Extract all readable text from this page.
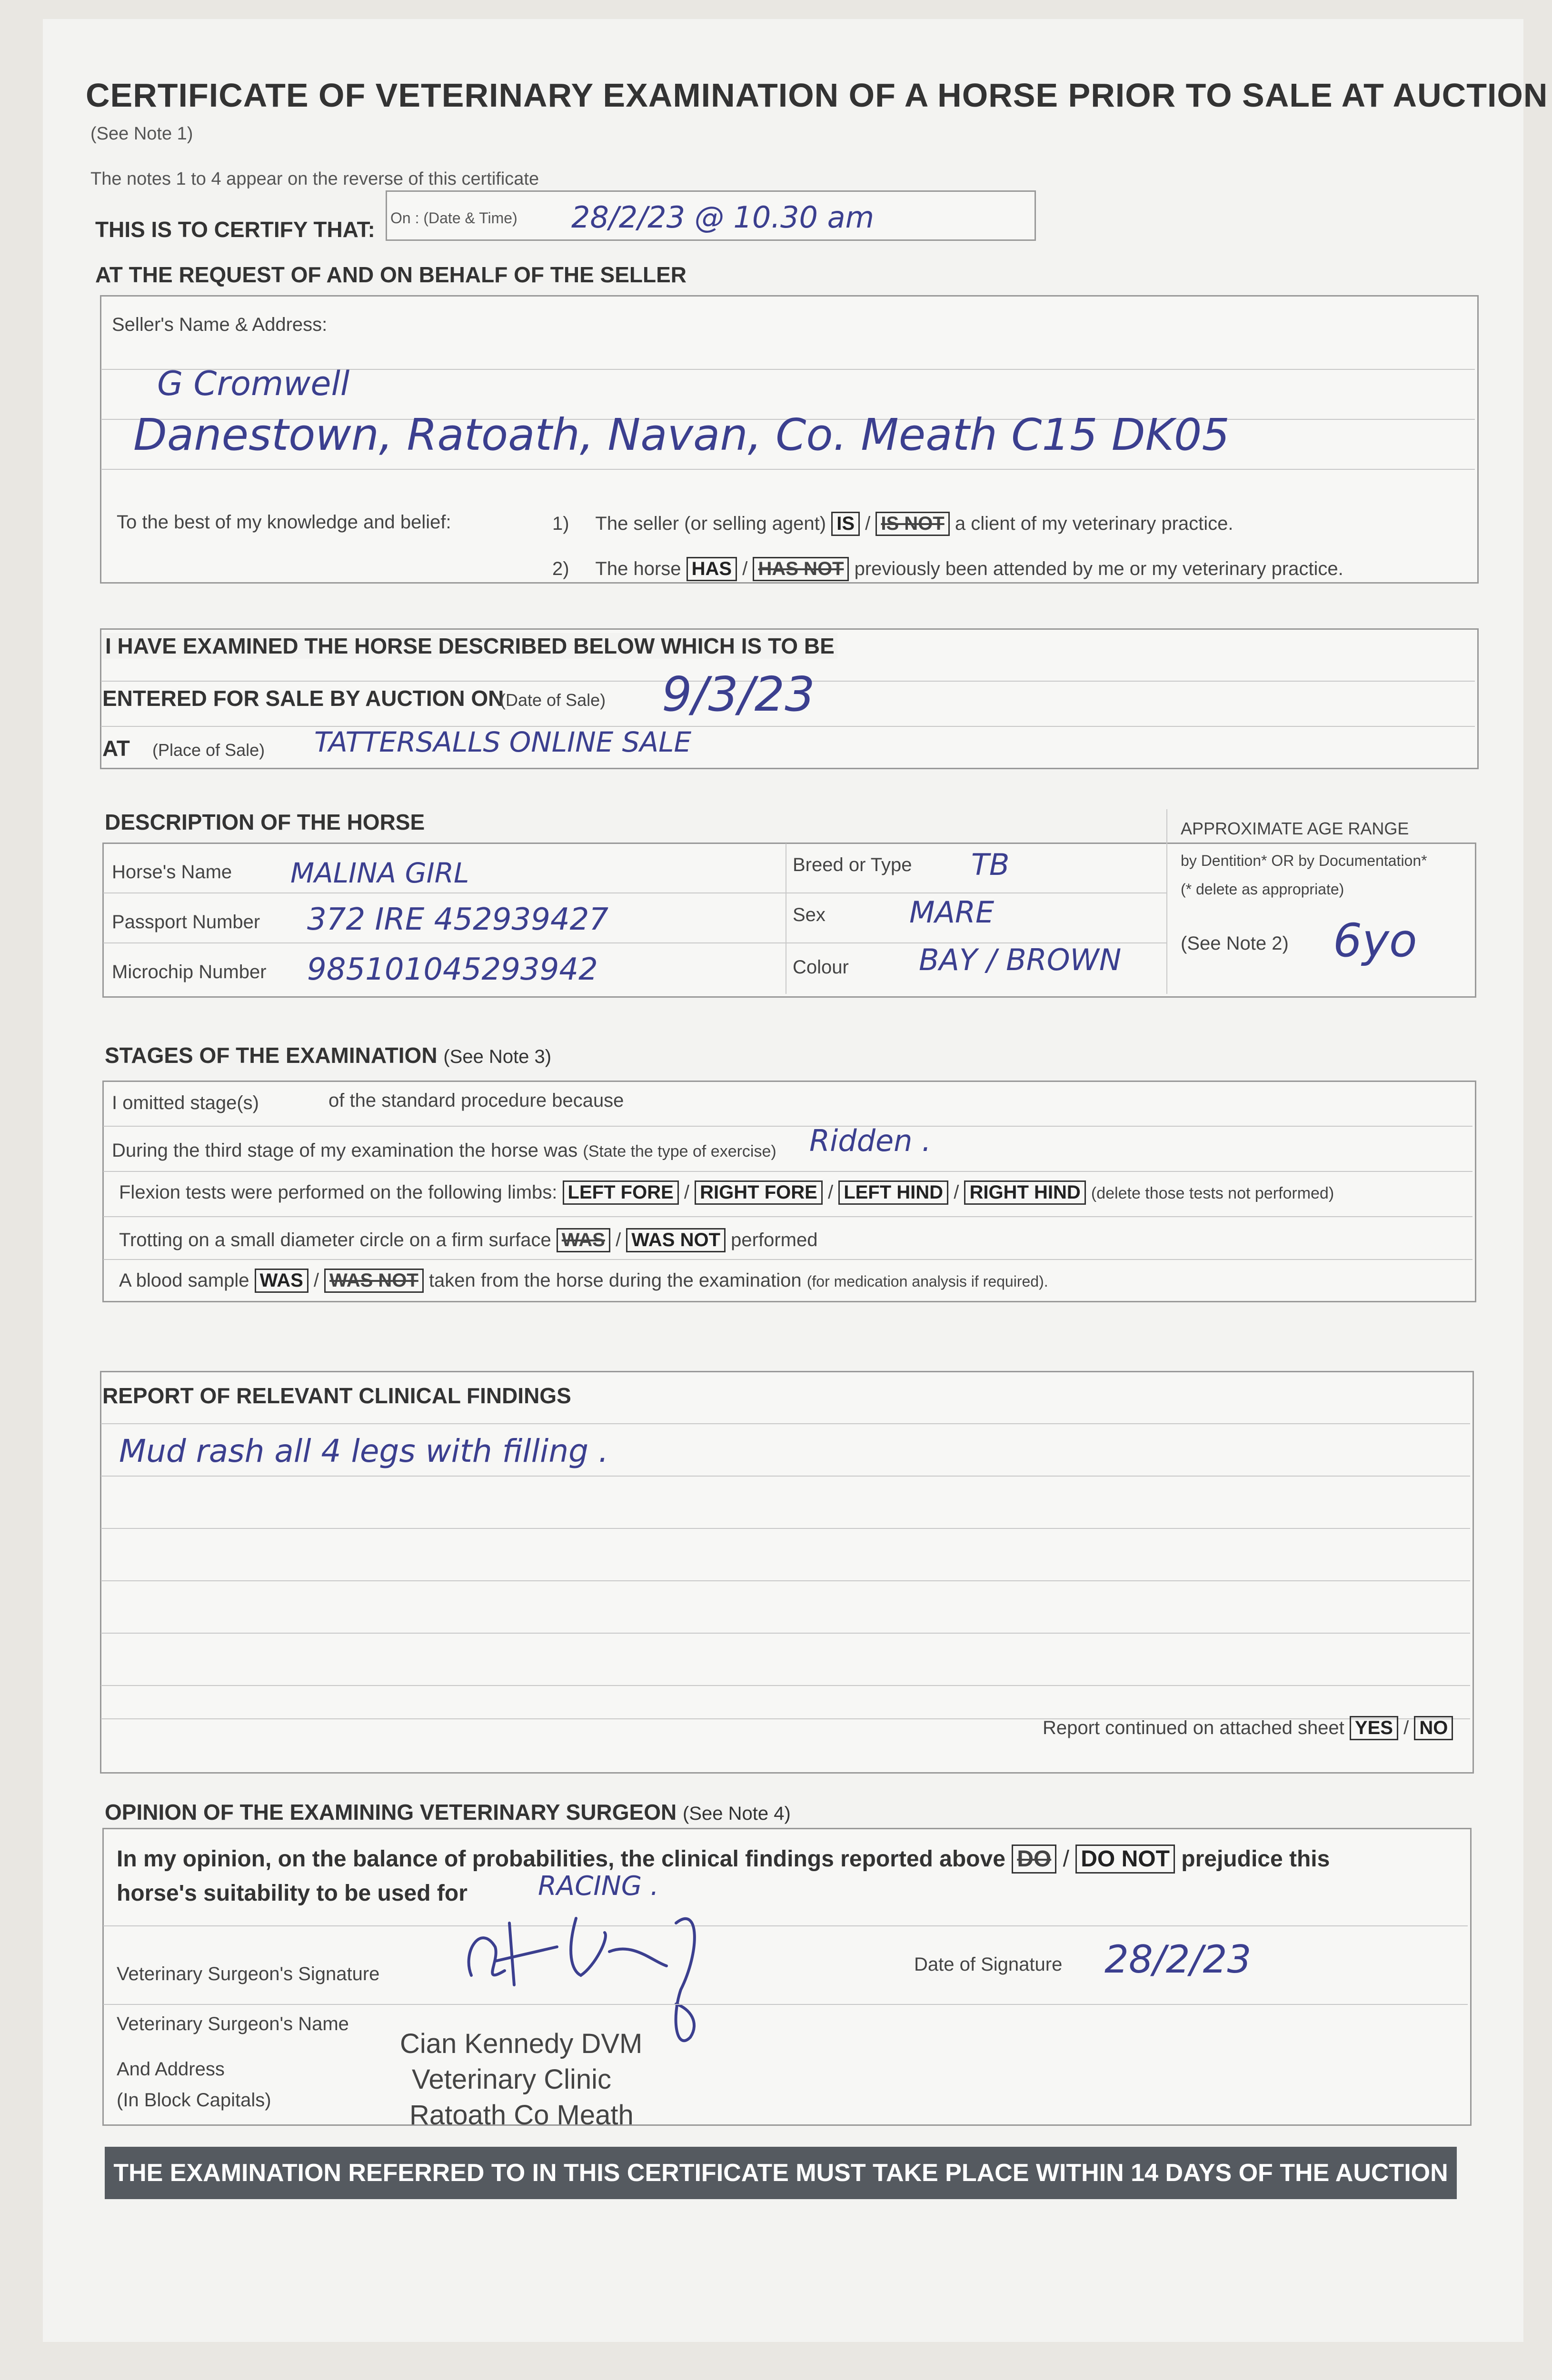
CERTIFICATE OF VETERINARY EXAMINATION OF A HORSE PRIOR TO SALE AT AUCTION
(See Note 1)
The notes 1 to 4 appear on the reverse of this certificate
THIS IS TO CERTIFY THAT: On : (Date & Time) 28/2/23 @ 10.30 am
AT THE REQUEST OF AND ON BEHALF OF THE SELLER
Seller's Name & Address:
G Cromwell
Danestown, Ratoath, Navan, Co. Meath C15 DK05
To the best of my knowledge and belief:	1) The seller (or selling agent) IS / IS NOT a client of my veterinary practice.
2) The horse HAS / HAS NOT previously been attended by me or my veterinary practice.
I HAVE EXAMINED THE HORSE DESCRIBED BELOW WHICH IS TO BE
ENTERED FOR SALE BY AUCTION ON
(Date of Sale) 9/3/23
AT (Place of Sale) TATTERSALLS ONLINE SALE
DESCRIPTION OF THE HORSE
Horse's Name MALINA GIRL
Passport Number 372 IRE 452939427
Microchip Number 985101045293942
Breed or Type TB
Sex	MARE
Colour BAY / BROWN
APPROXIMATE AGE RANGE
by Dentition* OR by Documentation*
(* delete as appropriate)
(See Note 2) 6yo
STAGES OF THE EXAMINATION (See Note 3)
I omitted stage(s)	of the standard procedure because
During the third stage of my examination the horse was (State the type of exercise) Ridden .
Flexion tests were performed on the following limbs: LEFT FORE / RIGHT FORE / LEFT HIND / RIGHT HIND (delete those tests not performed)
Trotting on a small diameter circle on a firm surface WAS / WAS NOT performed
A blood sample WAS / WAS NOT taken from the horse during the examination (for medication analysis if required).
REPORT OF RELEVANT CLINICAL FINDINGS
Mud rash all 4 legs with filling .
Report continued on attached sheet YES / NO
OPINION OF THE EXAMINING VETERINARY SURGEON (See Note 4)
In my opinion, on the balance of probabilities, the clinical findings reported above DO / DO NOT prejudice this
horse's suitability to be used for	RACING .
Veterinary Surgeon's Signature	Date of Signature 28/2/23
Veterinary Surgeon's Name
And Address
(In Block Capitals)
Cian Kennedy DVM
Veterinary Clinic
Ratoath Co Meath
THE EXAMINATION REFERRED TO IN THIS CERTIFICATE MUST TAKE PLACE WITHIN 14 DAYS OF THE AUCTION
